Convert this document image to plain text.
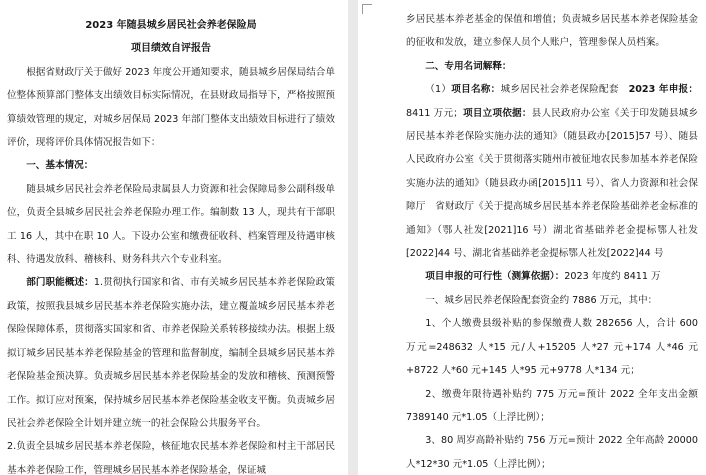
2023 年随县城乡居民社会养老保险局

项目绩效自评报告

根据省财政厅关于做好 2023 年度公开通知要求，随县城乡居保局结合单位整体预算部门整体支出绩效目标实际情况，在县财政局指导下，严格按照预算绩效管理的规定，对城乡居保局 2023 年部门整体支出绩效目标进行了绩效评价，现将评价具体情况报告如下：

一、基本情况：

随县城乡居民社会养老保险局隶属县人力资源和社会保障局参公副科级单位，负责全县城乡居民社会养老保险办理工作。编制数 13 人，现共有干部职工 16 人，其中在职 10 人。下设办公室和缴费征收科、档案管理及待遇审核科、待遇发放科、稽核科、财务科共六个专业科室。

部门职能概述：1.贯彻执行国家和省、市有关城乡居民基本养老保险政策政策，按照我县城乡居民基本养老保险实施办法，建立覆盖城乡居民基本养老保险保障体系，贯彻落实国家和省、市养老保险关系转移接续办法。根据上级拟订城乡居民基本养老保险基金的管理和监督制度，编制全县城乡居民基本养老保险基金预决算。负责城乡居民基本养老保险基金的发放和稽核、预测预警工作。拟订应对预案，保持城乡居民基本养老保险基金收支平衡。负责城乡居民社会养老保险全计划并建立统一的社会保险公共服务平台。

2.负责全县城乡居民基本养老保险，核征地农民基本养老保险和村主干部居民基本养老保险工作，管理城乡居民基本养老保险基金，保证城

乡居民基本养老基金的保值和增值；负责城乡居民基本养老保险基金的征收和发放，建立参保人员个人账户，管理参保人员档案。

二、专用名词解释：

（1）项目名称：城乡居民社会养老保险配套　 2023 年申报：8411 万元；项目立项依据：县人民政府办公室《关于印发随县城乡居民基本养老保险实施办法的通知》（随县政办[2015]57 号）、随县人民政府办公室《关于贯彻落实随州市被征地农民参加基本养老保险实施办法的通知》（随县政办函[2015]11 号）、省人力资源和社会保障厅　省财政厅《关于提高城乡居民基本养老保险基础养老金标准的通知》（鄂人社发[2021]16 号）湖北省基础养老金提标鄂人社发[2022]44 号、湖北省基础养老金提标鄂人社发[2022]44 号

项目申报的可行性（测算依据）：2023 年度约 8411 万

一、城乡居民养老保险配套资金约 7886 万元，其中：

1、个人缴费县级补贴的参保缴费人数 282656 人，合计 600 万元=248632 人*15 元/人+15205 人*27 元+174 人*46 元+8722 人*60 元+145 人*95 元+9778 人*134 元；

2、缴费年限待遇补贴约 775 万元=预计 2022 全年支出金额 7389140 元*1.05（上浮比例）；

3、80 周岁高龄补贴约 756 万元=预计 2022 全年高龄 20000 人*12*30 元*1.05（上浮比例）；
